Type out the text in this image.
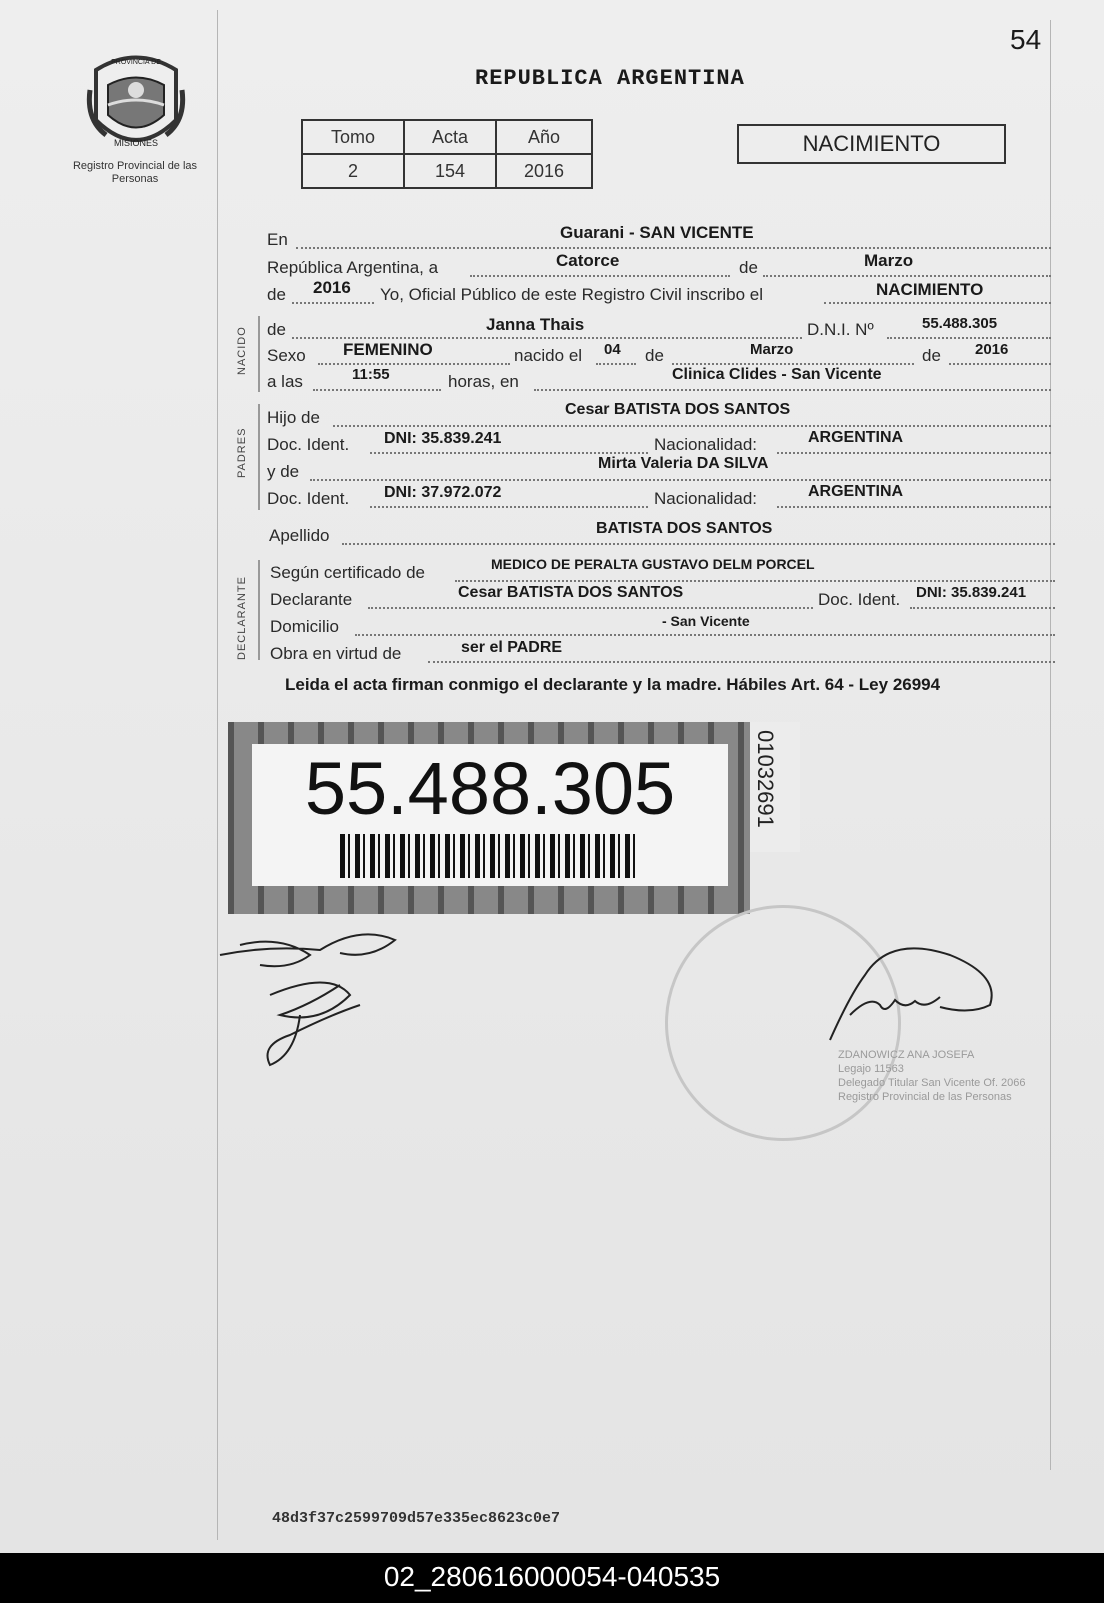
54
REPUBLICA ARGENTINA
PROVINCIA DE
MISIONES
Registro Provincial de las Personas
Tomo	Acta	Año
2	154	2016
NACIMIENTO
NACIDO
PADRES
DECLARANTE
En	Guarani - SAN VICENTE
República Argentina, a	Catorce	de	Marzo
de 2016 Yo, Oficial Público de este Registro Civil inscribo el	NACIMIENTO
de	Janna Thais	D.N.I. Nº	55.488.305
Sexo FEMENINO	nacido el 04 de	Marzo	de 2016
a las	11:55	horas, en	Clinica Clides - San Vicente
Hijo de	Cesar BATISTA DOS SANTOS
Doc. Ident. DNI: 35.839.241	Nacionalidad:	ARGENTINA
y de	Mirta Valeria DA SILVA
Doc. Ident. DNI: 37.972.072	Nacionalidad:	ARGENTINA
Apellido	BATISTA DOS SANTOS
Según certificado de	MEDICO DE PERALTA GUSTAVO DELM PORCEL
Declarante	Cesar BATISTA DOS SANTOS	Doc. Ident. DNI: 35.839.241
Domicilio	- San Vicente
Obra en virtud de	ser el PADRE
Leida el acta firman conmigo el declarante y la madre. Hábiles Art. 64 - Ley 26994
55.488.305	01032691
ZDANOWICZ ANA JOSEFA
Legajo 11563
Delegado Titular San Vicente Of. 2066
Registro Provincial de las Personas
48d3f37c2599709d57e335ec8623c0e7
02_280616000054-040535
